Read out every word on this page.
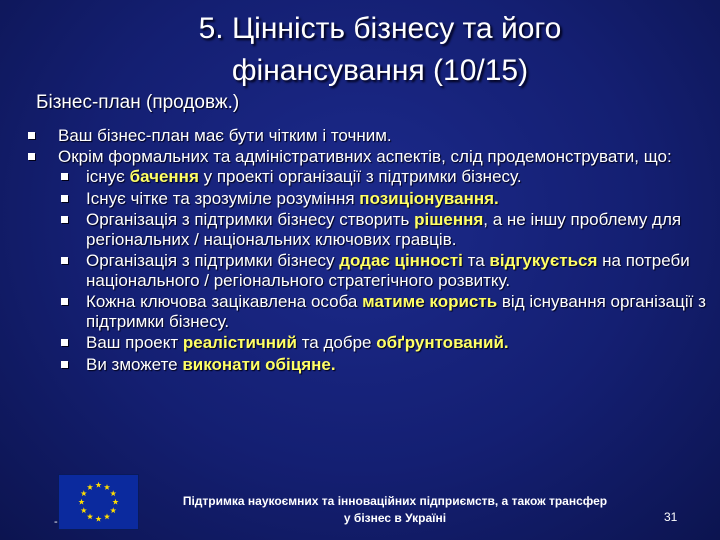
5. Цінність бізнесу та його
фінансування (10/15)
Бізнес-план (продовж.)
Ваш бізнес-план має бути чітким і точним.
Окрім формальних та адміністративних аспектів, слід продемонструвати, що:
існує бачення у проекті організації з підтримки бізнесу.
Існує чітке та зрозуміле розуміння позиціонування.
Організація з підтримки бізнесу створить рішення, а не іншу проблему для регіональних / національних ключових гравців.
Організація з підтримки бізнесу додає цінності та відгукується на потреби національного / регіонального стратегічного розвитку.
Кожна ключова зацікавлена особа матиме користь від існування організації з підтримки бізнесу.
Ваш проект реалістичний та добре обґрунтований.
Ви зможете виконати обіцяне.
-
Підтримка наукоємних та інноваційних підприємств, а також трансфер
у бізнес в Україні	31
